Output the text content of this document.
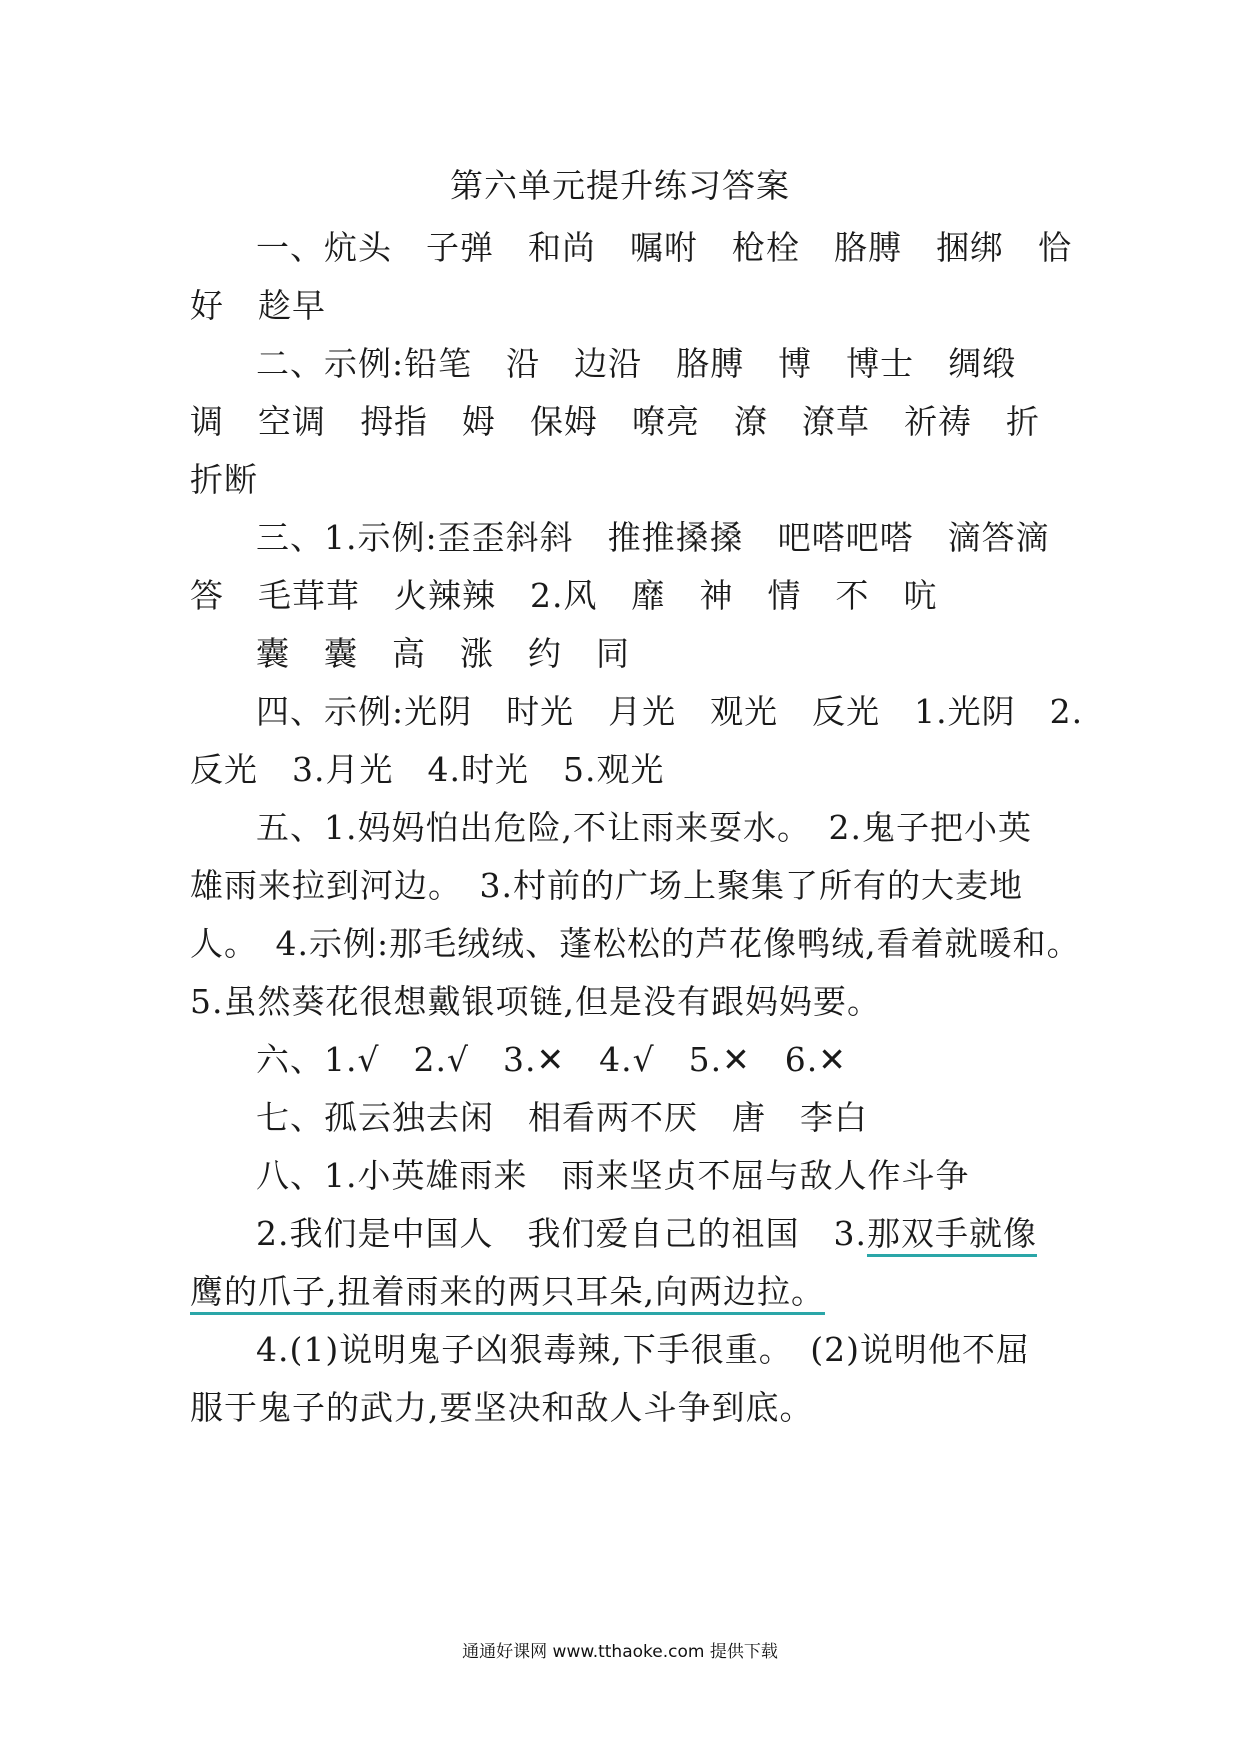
第六单元提升练习答案
一、炕头　子弹　和尚　嘱咐　枪栓　胳膊　捆绑　恰
好　趁早
二、示例:铅笔　沿　边沿　胳膊　博　博士　绸缎
调　空调　拇指　姆　保姆　嘹亮　潦　潦草　祈祷　折
折断
三、1.示例:歪歪斜斜　推推搡搡　吧嗒吧嗒　滴答滴
答　毛茸茸　火辣辣　2.风　靡　神　情　不　吭
囊　囊　高　涨　约　同
四、示例:光阴　时光　月光　观光　反光　1.光阴　2.
反光　3.月光　4.时光　5.观光
五、1.妈妈怕出危险,不让雨来耍水。　2.鬼子把小英
雄雨来拉到河边。　3.村前的广场上聚集了所有的大麦地
人。　4.示例:那毛绒绒、蓬松松的芦花像鸭绒,看着就暖和。
5.虽然葵花很想戴银项链,但是没有跟妈妈要。
六、1.√　2.√　3.✕　4.√　5.✕　6.✕
七、孤云独去闲　相看两不厌　唐　李白
八、1.小英雄雨来　雨来坚贞不屈与敌人作斗争
2.我们是中国人　我们爱自己的祖国　3.那双手就像
鹰的爪子,扭着雨来的两只耳朵,向两边拉。
4.(1)说明鬼子凶狠毒辣,下手很重。　(2)说明他不屈
服于鬼子的武力,要坚决和敌人斗争到底。
通通好课网 www.tthaoke.com 提供下载
